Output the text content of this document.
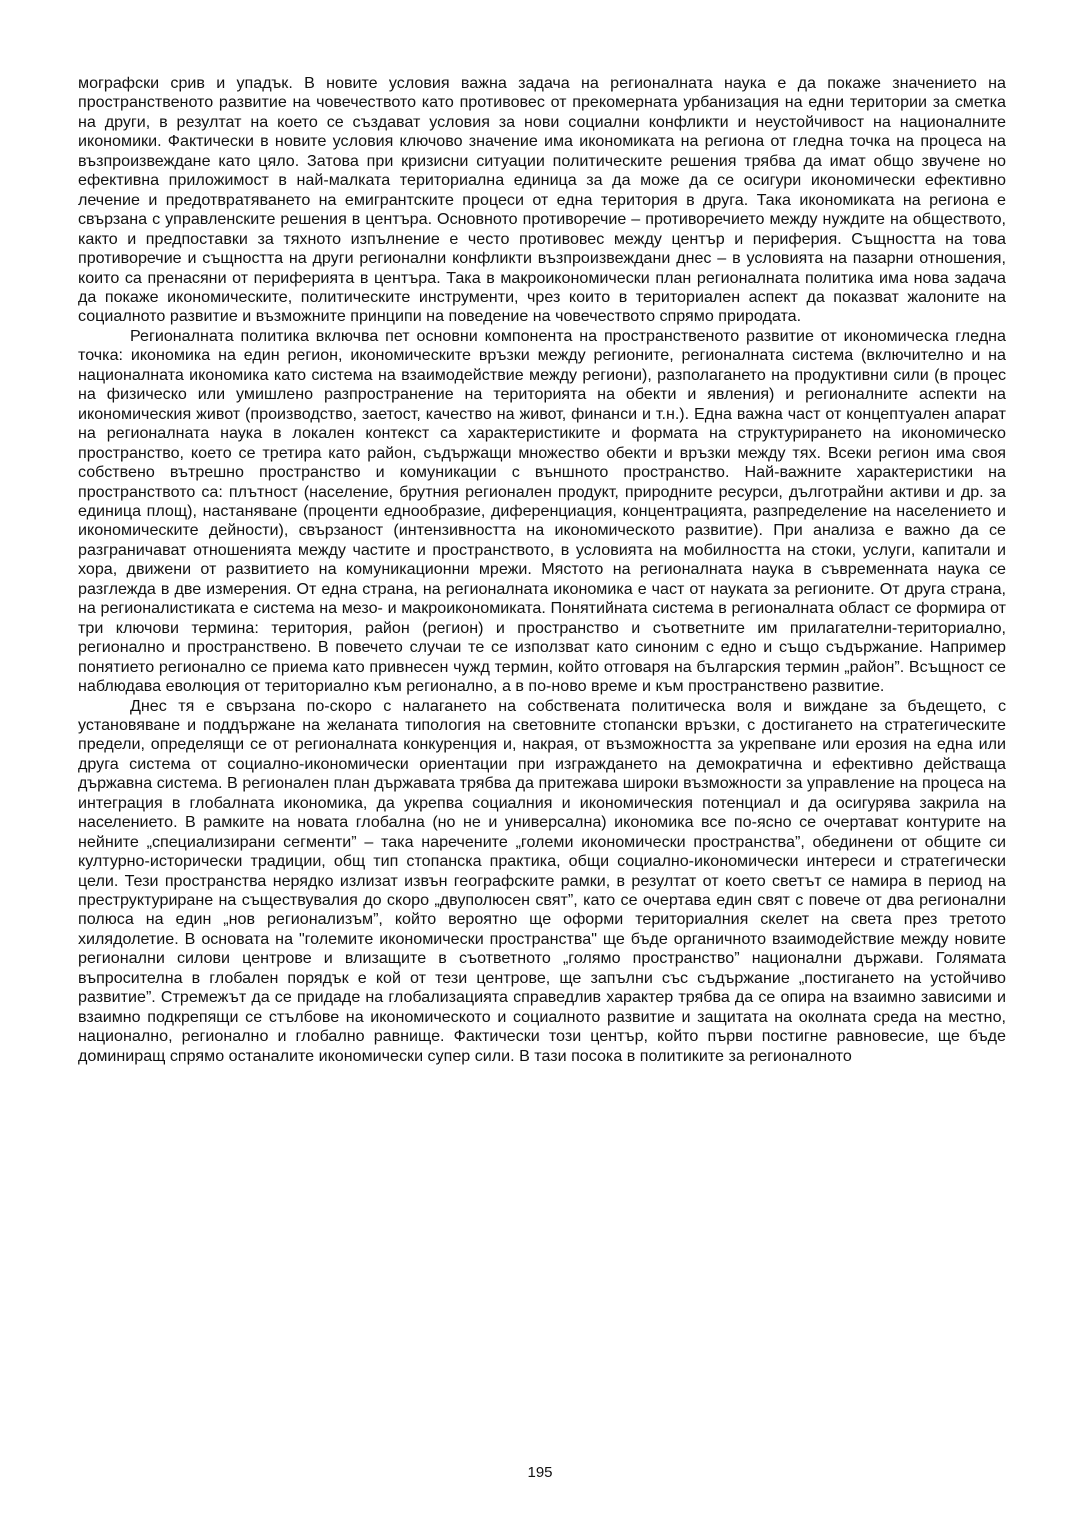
мографски срив и упадък. В новите условия важна задача на регионалната наука е да покаже значението на пространственото развитие на човечеството като противовес от прекомерната урбанизация на едни територии за сметка на други, в резултат на което се създават условия за нови социални конфликти и неустойчивост на националните икономики. Фактически в новите условия ключово значение има икономиката на региона от гледна точка на процеса на възпроизвеждане като цяло. Затова при кризисни ситуации политическите решения трябва да имат общо звучене но ефективна приложимост в най-малката териториална единица за да може да се осигури икономически ефективно лечение и предотвратяването на емигрантските процеси от една територия в друга. Така икономиката на региона е свързана с управленските решения в центъра. Основното противоречие – противоречието между нуждите на обществото, както и предпоставки за тяхното изпълнение е често противовес между център и периферия. Същността на това противоречие и същността на други регионални конфликти възпроизвеждани днес – в условията на пазарни отношения, които са пренасяни от периферията в центъра. Така в макроикономически план регионалната политика има нова задача да покаже икономическите, политическите инструменти, чрез които в териториален аспект да показват жалоните на социалното развитие и възможните принципи на поведение на човечеството спрямо природата.

Регионалната политика включва пет основни компонента на пространственото развитие от икономическа гледна точка: икономика на един регион, икономическите връзки между регионите, регионалната система (включително и на националната икономика като система на взаимодействие между региони), разполагането на продуктивни сили (в процес на физическо или умишлено разпространение на територията на обекти и явления) и регионалните аспекти на икономическия живот (производство, заетост, качество на живот, финанси и т.н.). Една важна част от концептуален апарат на регионалната наука в локален контекст са характеристиките и формата на структурирането на икономическо пространство, което се третира като район, съдържащи множество обекти и връзки между тях. Всеки регион има своя собствено вътрешно пространство и комуникации с външното пространство. Най-важните характеристики на пространството са: плътност (население, брутния регионален продукт, природните ресурси, дълготрайни активи и др. за единица площ), настаняване (проценти еднообразие, диференциация, концентрацията, разпределение на населението и икономическите дейности), свързаност (интензивността на икономическото развитие). При анализа е важно да се разграничават отношенията между частите и пространството, в условията на мобилността на стоки, услуги, капитали и хора, движени от развитието на комуникационни мрежи. Мястото на регионалната наука в съвременната наука се разглежда в две измерения. От една страна, на регионалната икономика е част от науката за регионите. От друга страна, на регионалистиката е система на мезо- и макроикономиката. Понятийната система в регионалната област се формира от три ключови термина: територия, район (регион) и пространство и съответните им прилагателни-териториално, регионално и пространствено. В повечето случаи те се използват като синоним с едно и също съдържание. Например понятието регионално се приема като привнесен чужд термин, който отговаря на българския термин „район”. Всъщност се наблюдава еволюция от териториално към регионално, а в по-ново време и към пространствено развитие.

Днес тя е свързана по-скоро с налагането на собствената политическа воля и виждане за бъдещето, с установяване и поддържане на желаната типология на световните стопански връзки, с достигането на стратегическите предели, определящи се от регионалната конкуренция и, накрая, от възможността за укрепване или ерозия на една или друга система от социално-икономически ориентации при изграждането на демократична и ефективно действаща държавна система. В регионален план държавата трябва да притежава широки възможности за управление на процеса на интеграция в глобалната икономика, да укрепва социалния и икономическия потенциал и да осигурява закрила на населението. В рамките на новата глобална (но не и универсална) икономика все по-ясно се очертават контурите на нейните „специализирани сегменти” – така наречените „големи икономически пространства”, обединени от общите си културно-исторически традиции, общ тип стопанска практика, общи социално-икономически интереси и стратегически цели. Тези пространства нерядко излизат извън географските рамки, в резултат от което светът се намира в период на преструктуриране на съществувалия до скоро „двуполюсен свят”, като се очертава един свят с повече от два регионални полюса на един „нов регионализъм”, който вероятно ще оформи териториалния скелет на света през третото хилядолетие. В основата на "големите икономически пространства" ще бъде органичното взаимодействие между новите регионални силови центрове и влизащите в съответното „голямо пространство” национални държави. Голямата въпросителна в глобален порядък е кой от тези центрове, ще запълни със съдържание „постигането на устойчиво развитие”. Стремежът да се придаде на глобализацията справедлив характер трябва да се опира на взаимно зависими и взаимно подкрепящи се стълбове на икономическото и социалното развитие и защитата на околната среда на местно, национално, регионално и глобално равнище. Фактически този център, който първи постигне равновесие, ще бъде доминиращ спрямо останалите икономически супер сили. В тази посока в политиките за регионалното

195
